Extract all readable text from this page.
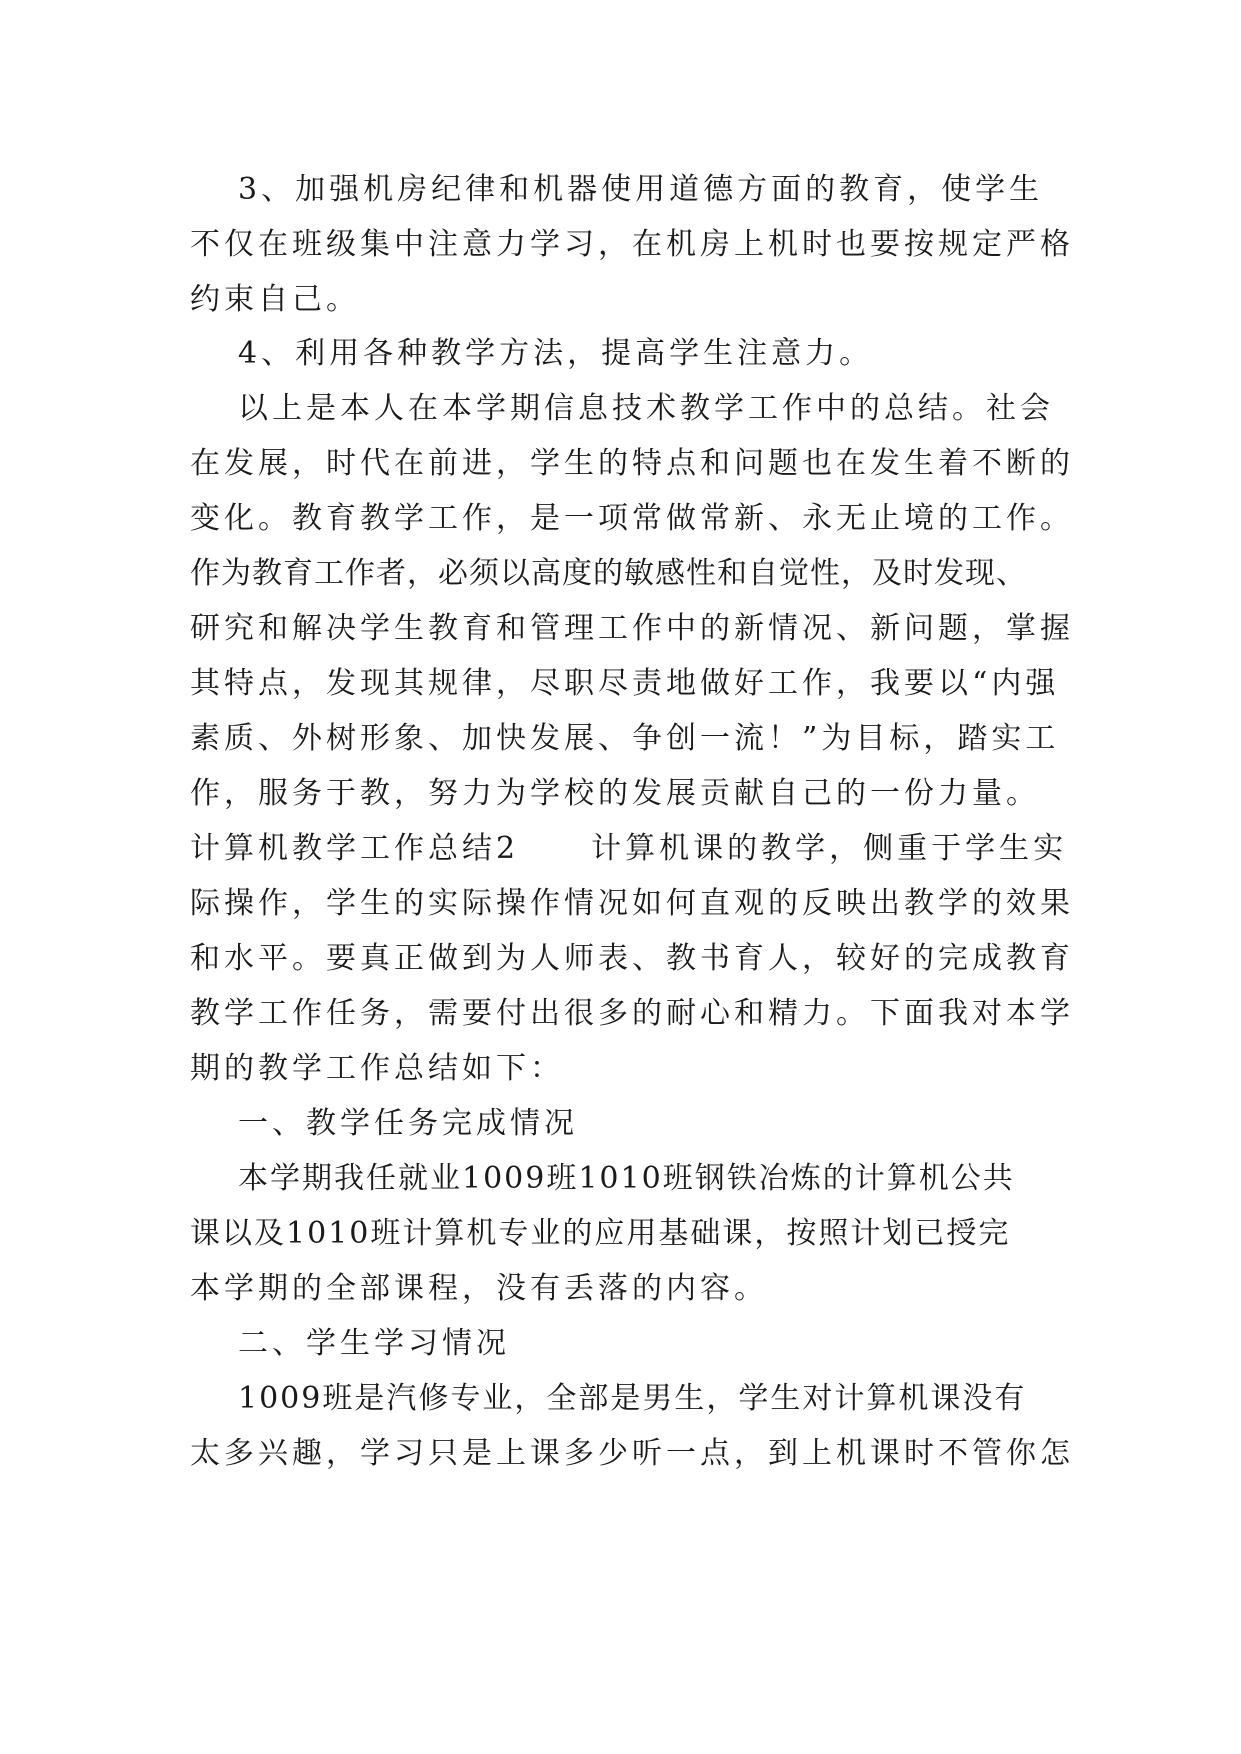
3、加强机房纪律和机器使用道德方面的教育，使学生
不仅在班级集中注意力学习，在机房上机时也要按规定严格
约束自己。
4、利用各种教学方法，提高学生注意力。
以上是本人在本学期信息技术教学工作中的总结。社会
在发展，时代在前进，学生的特点和问题也在发生着不断的
变化。教育教学工作，是一项常做常新、永无止境的工作。
作为教育工作者，必须以高度的敏感性和自觉性，及时发现、
研究和解决学生教育和管理工作中的新情况、新问题，掌握
其特点，发现其规律，尽职尽责地做好工作，我要以“内强
素质、外树形象、加快发展、争创一流！”为目标，踏实工
作，服务于教，努力为学校的发展贡献自己的一份力量。
计算机教学工作总结2 计算机课的教学，侧重于学生实
际操作，学生的实际操作情况如何直观的反映出教学的效果
和水平。要真正做到为人师表、教书育人，较好的完成教育
教学工作任务，需要付出很多的耐心和精力。下面我对本学
期的教学工作总结如下：
一、教学任务完成情况
本学期我任就业1009班1010班钢铁冶炼的计算机公共
课以及1010班计算机专业的应用基础课，按照计划已授完
本学期的全部课程，没有丢落的内容。
二、学生学习情况
1009班是汽修专业，全部是男生，学生对计算机课没有
太多兴趣，学习只是上课多少听一点，到上机课时不管你怎
